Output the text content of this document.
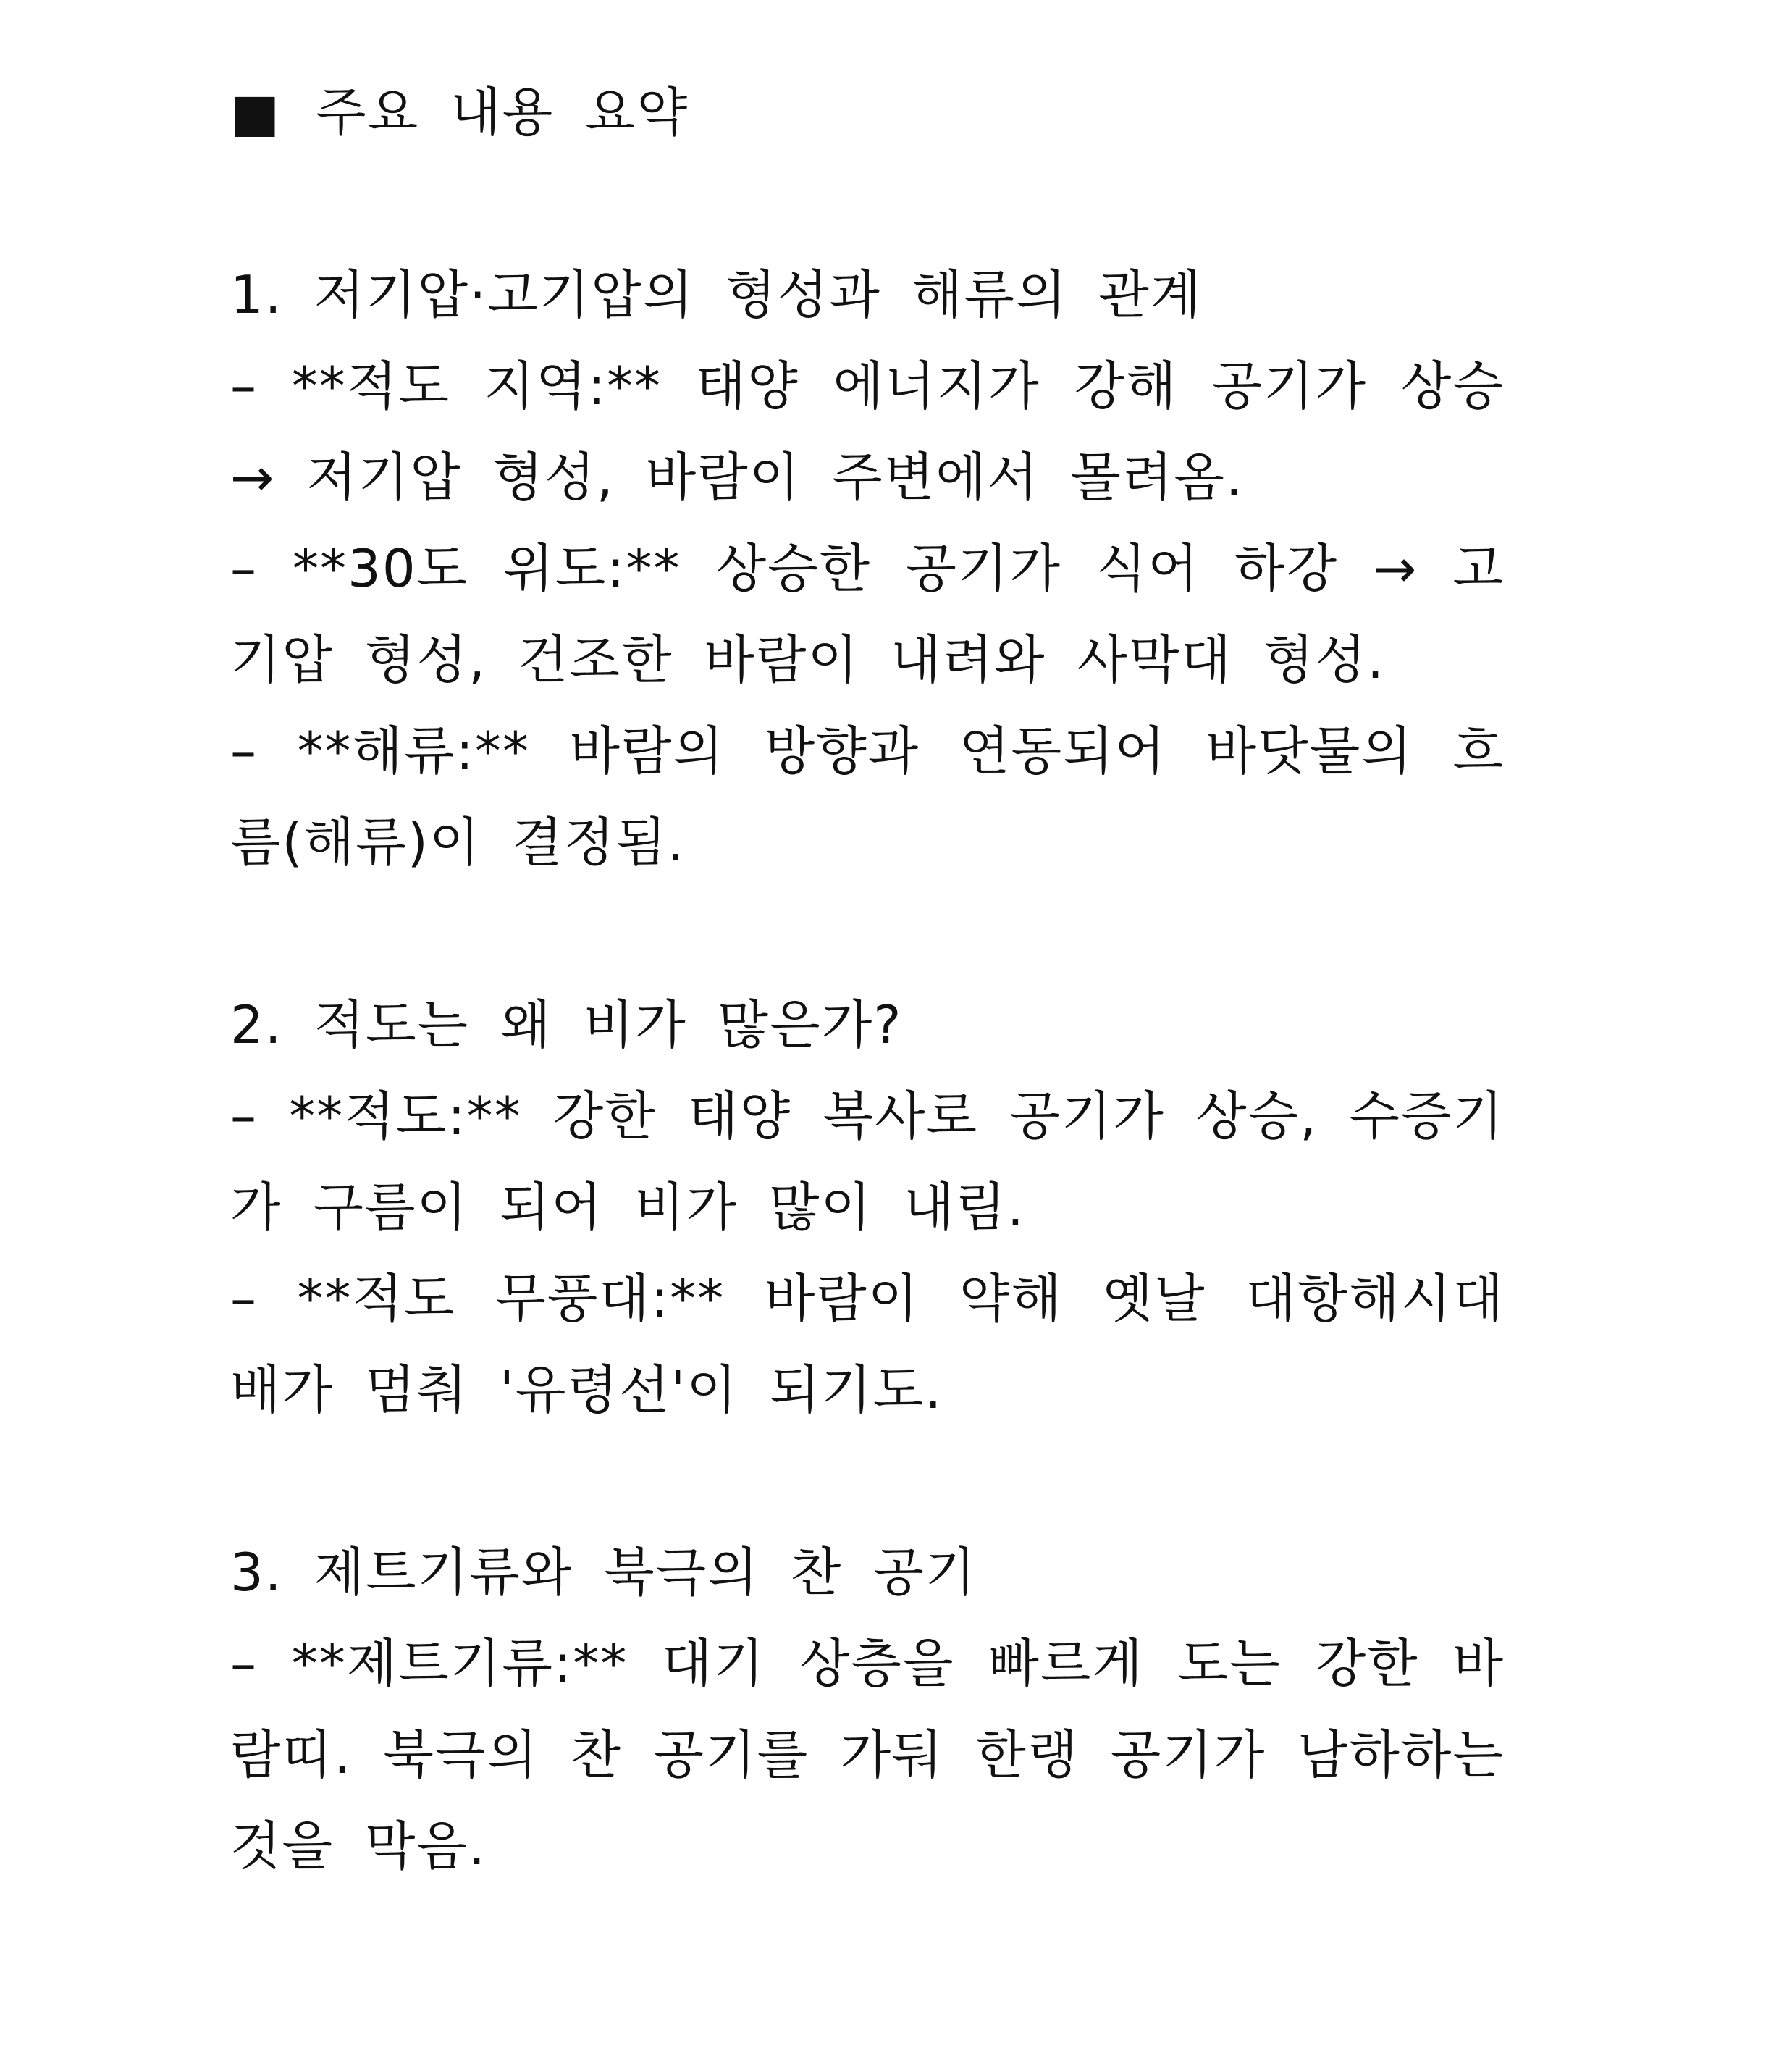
■ 주요 내용 요약
1. 저기압·고기압의 형성과 해류의 관계

– **적도 지역:** 태양 에너지가 강해 공기가 상승 → 저기압 형성, 바람이 주변에서 몰려옴.

– **30도 위도:** 상승한 공기가 식어 하강 → 고기압 형성, 건조한 바람이 내려와 사막대 형성.

– **해류:** 바람의 방향과 연동되어 바닷물의 흐름(해류)이 결정됨.

2. 적도는 왜 비가 많은가?

– **적도:** 강한 태양 복사로 공기가 상승, 수증기가 구름이 되어 비가 많이 내림.

– **적도 무풍대:** 바람이 약해 옛날 대항해시대 배가 멈춰 '유령선'이 되기도.

3. 제트기류와 북극의 찬 공기

– **제트기류:** 대기 상층을 빠르게 도는 강한 바람띠. 북극의 찬 공기를 가둬 한랭 공기가 남하하는 것을 막음.
